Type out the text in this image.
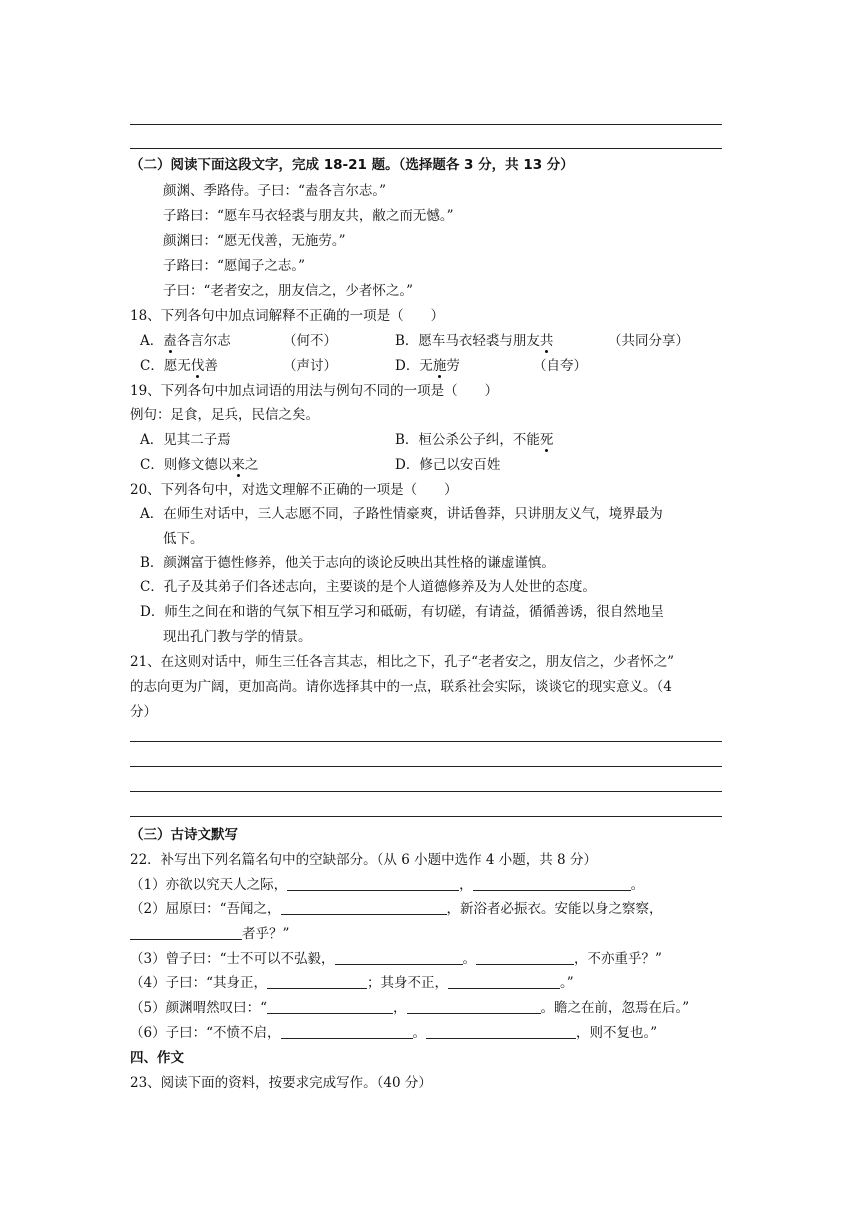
（二）阅读下面这段文字，完成 18-21 题。（选择题各 3 分，共 13 分）
颜渊、季路侍。子曰：“盍各言尔志。”
子路曰：“愿车马衣轻裘与朋友共，敝之而无憾。”
颜渊曰：“愿无伐善，无施劳。”
子路曰：“愿闻子之志。”
子曰：“老者安之，朋友信之，少者怀之。”
18、下列各句中加点词解释不正确的一项是（　　）
A．盍各言尔志	（何不）	B．愿车马衣轻裘与朋友共	（共同分享）
C．愿无伐善	（声讨）	D．无施劳	（自夸）
19、下列各句中加点词语的用法与例句不同的一项是（　　）
例句：足食，足兵，民信之矣。
A．见其二子焉	B．桓公杀公子纠，不能死
C．则修文德以来之	D．修己以安百姓
20、下列各句中，对选文理解不正确的一项是（　　）
A．在师生对话中，三人志愿不同，子路性情豪爽，讲话鲁莽，只讲朋友义气，境界最为
低下。
B．颜渊富于德性修养，他关于志向的谈论反映出其性格的谦虚谨慎。
C．孔子及其弟子们各述志向，主要谈的是个人道德修养及为人处世的态度。
D．师生之间在和谐的气氛下相互学习和砥砺，有切磋，有请益，循循善诱，很自然地呈
现出孔门教与学的情景。
21、在这则对话中，师生三任各言其志，相比之下，孔子“老者安之，朋友信之，少者怀之”
的志向更为广阔，更加高尚。请你选择其中的一点，联系社会实际，谈谈它的现实意义。（4
分）
（三）古诗文默写
22．补写出下列名篇名句中的空缺部分。（从 6 小题中选作 4 小题，共 8 分）
（1）亦欲以究天人之际，	，	。
（2）屈原曰：“吾闻之，	，新浴者必振衣。安能以身之察察，
者乎？”
（3）曾子曰：“士不可以不弘毅，	。	，不亦重乎？”
（4）子曰：“其身正，	；其身不正，	。”
（5）颜渊喟然叹曰：“	，	。瞻之在前，忽焉在后。”
（6）子曰：“不愤不启，	。	，则不复也。”
四、作文
23、阅读下面的资料，按要求完成写作。（40 分）
